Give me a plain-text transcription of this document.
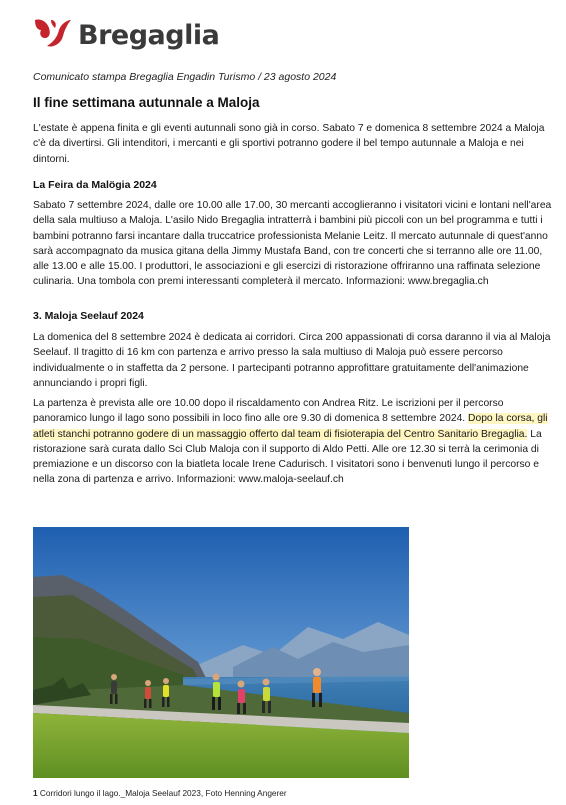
Bregaglia
Comunicato stampa Bregaglia Engadin Turismo / 23 agosto 2024
Il fine settimana autunnale a Maloja

L'estate è appena finita e gli eventi autunnali sono già in corso. Sabato 7 e domenica 8 settembre 2024 a Maloja c'è da divertirsi. Gli intenditori, i mercanti e gli sportivi potranno godere il bel tempo autunnale a Maloja e nei dintorni.

La Feira da Malögia 2024

Sabato 7 settembre 2024, dalle ore 10.00 alle 17.00, 30 mercanti accoglieranno i visitatori vicini e lontani nell'area della sala multiuso a Maloja. L'asilo Nido Bregaglia intratterrà i bambini più piccoli con un bel programma e tutti i bambini potranno farsi incantare dalla truccatrice professionista Melanie Leitz. Il mercato autunnale di quest'anno sarà accompagnato da musica gitana della Jimmy Mustafa Band, con tre concerti che si terranno alle ore 11.00, alle 13.00 e alle 15.00. I produttori, le associazioni e gli esercizi di ristorazione offriranno una raffinata selezione culinaria. Una tombola con premi interessanti completerà il mercato. Informazioni: www.bregaglia.ch

3. Maloja Seelauf 2024

La domenica del 8 settembre 2024 è dedicata ai corridori. Circa 200 appassionati di corsa daranno il via al Maloja Seelauf. Il tragitto di 16 km con partenza e arrivo presso la sala multiuso di Maloja può essere percorso individualmente o in staffetta da 2 persone. I partecipanti potranno approfittare gratuitamente dell'animazione annunciando i propri figli.

La partenza è prevista alle ore 10.00 dopo il riscaldamento con Andrea Ritz. Le iscrizioni per il percorso panoramico lungo il lago sono possibili in loco fino alle ore 9.30 di domenica 8 settembre 2024. Dopo la corsa, gli atleti stanchi potranno godere di un massaggio offerto dal team di fisioterapia del Centro Sanitario Bregaglia. La ristorazione sarà curata dallo Sci Club Maloja con il supporto di Aldo Petti. Alle ore 12.30 si terrà la cerimonia di premiazione e un discorso con la biatleta locale Irene Cadurisch. I visitatori sono i benvenuti lungo il percorso e nella zona di partenza e arrivo. Informazioni: www.maloja-seelauf.ch

1 Corridori lungo il lago._Maloja Seelauf 2023, Foto Henning Angerer
